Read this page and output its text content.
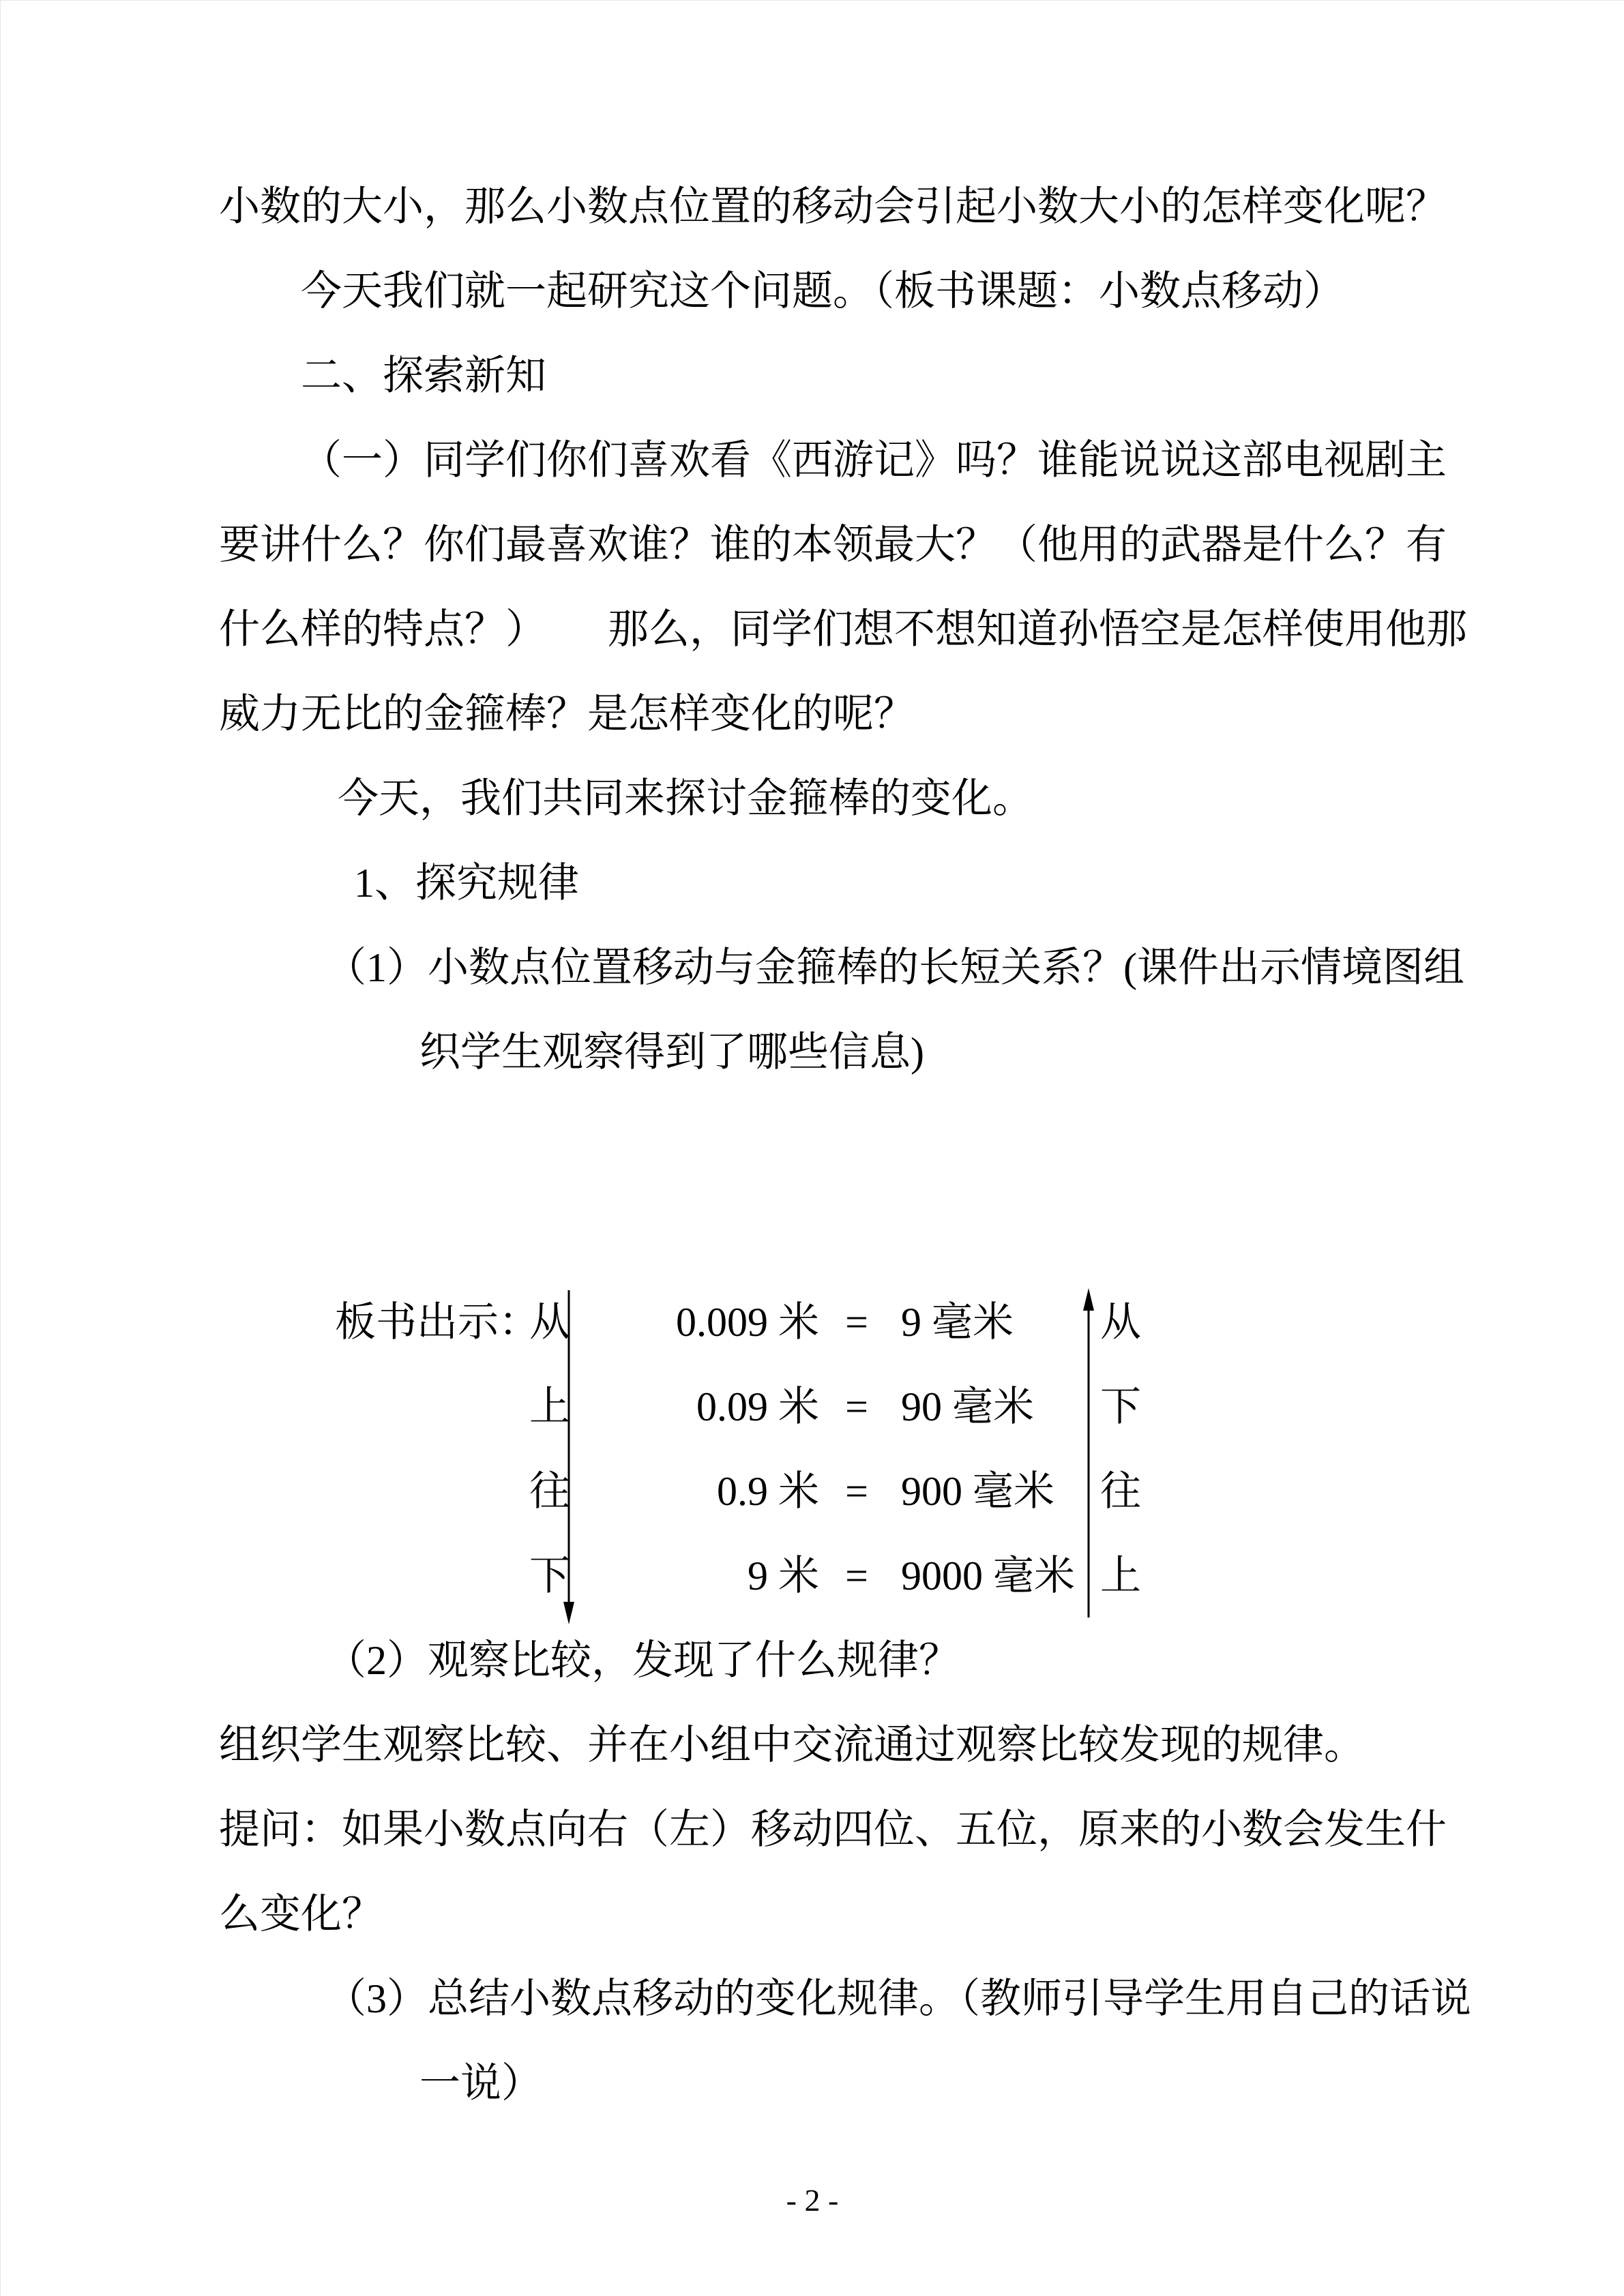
小数的大小，那么小数点位置的移动会引起小数大小的怎样变化呢？

今天我们就一起研究这个问题。（板书课题：小数点移动）

二、探索新知

（一）同学们你们喜欢看《西游记》吗？谁能说说这部电视剧主要讲什么？你们最喜欢谁？谁的本领最大？（他用的武器是什么？有什么样的特点？）　　那么，同学们想不想知道孙悟空是怎样使用他那威力无比的金箍棒？是怎样变化的呢？

今天，我们共同来探讨金箍棒的变化。

1、探究规律

（1）小数点位置移动与金箍棒的长短关系？(课件出示情境图组织学生观察得到了哪些信息)

板书出示：
从	0.009 米 = 9 毫米 从
上	0.09 米 = 90 毫米 下
往	0.9 米 = 900 毫米 往
下	9 米 = 9000 毫米 上

（2）观察比较，发现了什么规律？

组织学生观察比较、并在小组中交流通过观察比较发现的规律。

提问：如果小数点向右（左）移动四位、五位，原来的小数会发生什么变化？

（3）总结小数点移动的变化规律。（教师引导学生用自己的话说一说）

- 2 -
